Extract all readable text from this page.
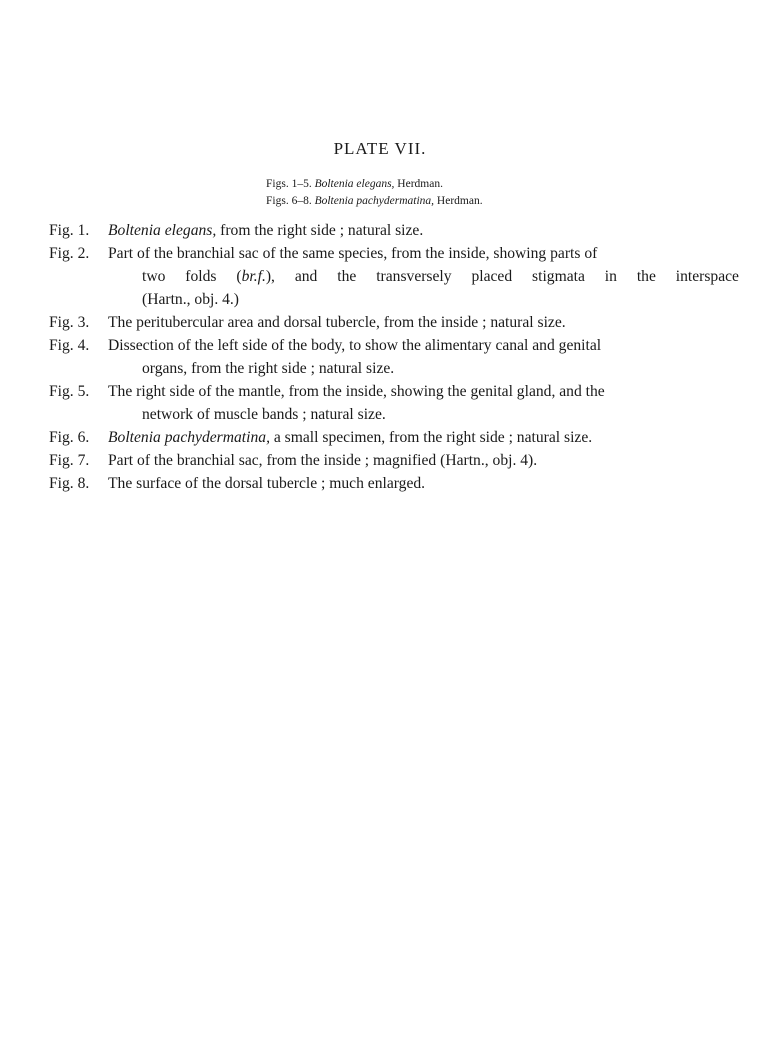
PLATE VII.
Figs. 1–5. Boltenia elegans, Herdman.
Figs. 6–8. Boltenia pachydermatina, Herdman.
Fig. 1.	Boltenia elegans, from the right side ; natural size.
Fig. 2.	Part of the branchial sac of the same species, from the inside, showing parts of
two folds (br.f.), and the transversely placed stigmata in the interspace
(Hartn., obj. 4.)
Fig. 3.	The peritubercular area and dorsal tubercle, from the inside ; natural size.
Fig. 4.	Dissection of the left side of the body, to show the alimentary canal and genital
organs, from the right side ; natural size.
Fig. 5.	The right side of the mantle, from the inside, showing the genital gland, and the
network of muscle bands ; natural size.
Fig. 6.	Boltenia pachydermatina, a small specimen, from the right side ; natural size.
Fig. 7.	Part of the branchial sac, from the inside ; magnified (Hartn., obj. 4).
Fig. 8.	The surface of the dorsal tubercle ; much enlarged.
